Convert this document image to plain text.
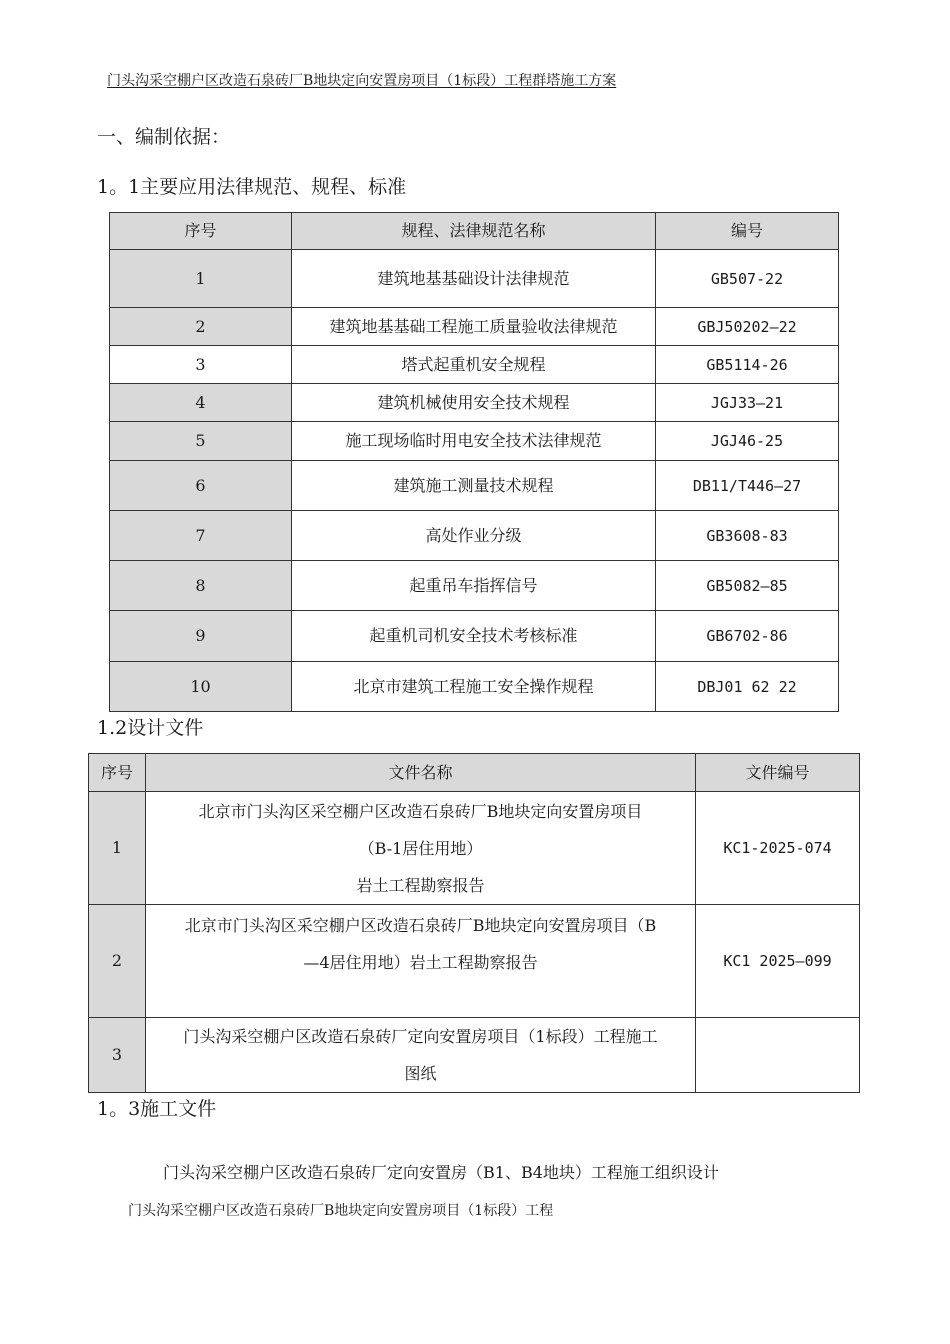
门头沟采空棚户区改造石泉砖厂B地块定向安置房项目（1标段）工程群塔施工方案
一、编制依据：
1。1主要应用法律规范、规程、标准
序号	规程、法律规范名称	编号
1	建筑地基基础设计法律规范	GB507-22
2	建筑地基基础工程施工质量验收法律规范	GBJ50202—22
3	塔式起重机安全规程	GB5114-26
4	建筑机械使用安全技术规程	JGJ33—21
5	施工现场临时用电安全技术法律规范	JGJ46-25
6	建筑施工测量技术规程	DB11/T446—27
7	高处作业分级	GB3608-83
8	起重吊车指挥信号	GB5082—85
9	起重机司机安全技术考核标准	GB6702-86
10	北京市建筑工程施工安全操作规程	DBJ01 62 22
1.2设计文件
序号	文件名称	文件编号
1	北京市门头沟区采空棚户区改造石泉砖厂B地块定向安置房项目
（B-1居住用地）
岩土工程勘察报告	KC1-2025-074
2	北京市门头沟区采空棚户区改造石泉砖厂B地块定向安置房项目（B
—4居住用地）岩土工程勘察报告	KC1 2025—099
3	门头沟采空棚户区改造石泉砖厂定向安置房项目（1标段）工程施工
图纸	

1。3施工文件
门头沟采空棚户区改造石泉砖厂定向安置房（B1、B4地块）工程施工组织设计
门头沟采空棚户区改造石泉砖厂B地块定向安置房项目（1标段）工程
